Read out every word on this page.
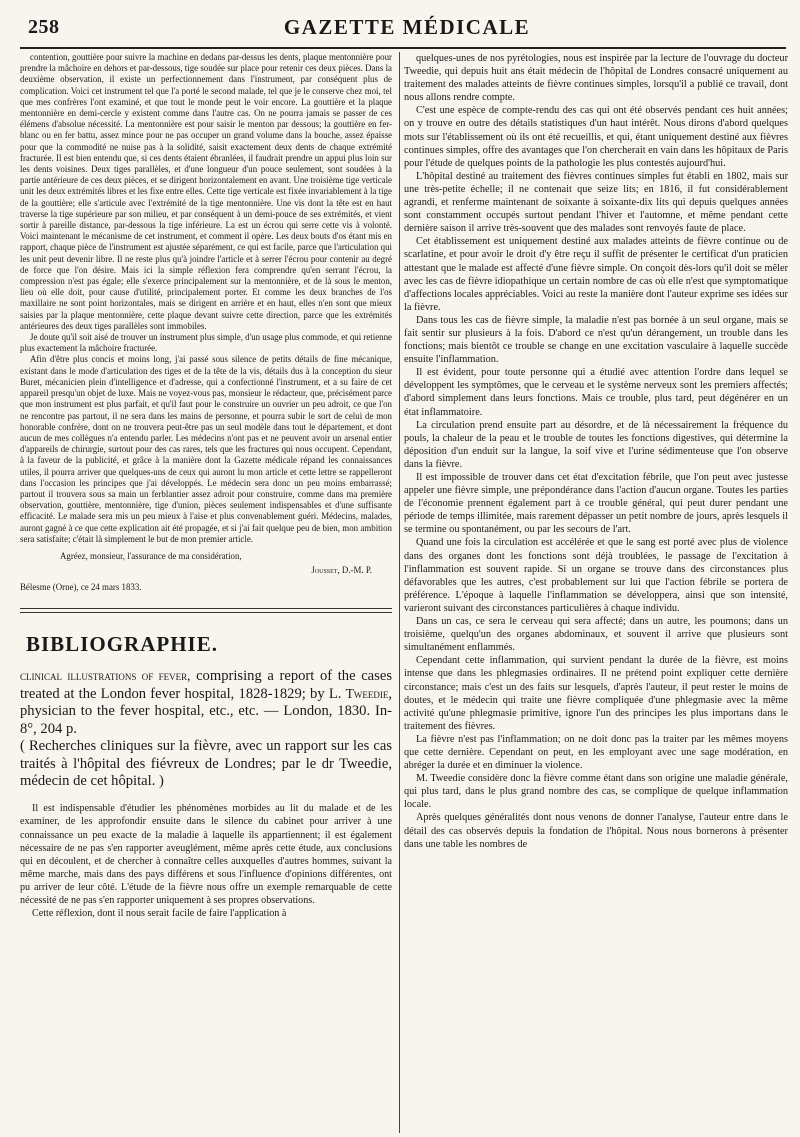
258	GAZETTE MÉDICALE

contention, gouttière pour suivre la machine en dedans par-dessus les dents, plaque mentonnière pour prendre la mâchoire en dehors et par-dessous, tige soudée sur place pour retenir ces deux pièces. Dans la deuxième observation, il existe un perfectionnement dans l'instrument, par conséquent plus de complication. Voici cet instrument tel que l'a porté le second malade, tel que je le conserve chez moi, tel que mes confrères l'ont examiné, et que tout le monde peut le voir encore. La gouttière et la plaque mentonnière en demi-cercle y existent comme dans l'autre cas. On ne pourra jamais se passer de ces élémens d'absolue nécessité. La mentonnière est pour saisir le menton par dessous; la gouttière en fer-blanc ou en fer battu, assez mince pour ne pas occuper un grand volume dans la bouche, assez épaisse pour que la commodité ne nuise pas à la solidité, saisit exactement deux dents de chaque extrémité fracturée. Il est bien entendu que, si ces dents étaient ébranlées, il faudrait prendre un appui plus loin sur les dents voisines. Deux tiges parallèles, et d'une longueur d'un pouce seulement, sont soudées à la partie antérieure de ces deux pièces, et se dirigent horizontalement en avant. Une troisième tige verticale unit les deux extrémités libres et les fixe entre elles. Cette tige verticale est fixée invariablement à la tige de la gouttière; elle s'articule avec l'extrémité de la tige mentonnière. Une vis dont la tête est en haut traverse la tige supérieure par son milieu, et par conséquent à un demi-pouce de ses extrémités, et vient sortir à pareille distance, par-dessous la tige inférieure. La est un écrou qui serre cette vis à volonté. Voici maintenant le mécanisme de cet instrument, et comment il opère. Les deux bouts d'os étant mis en rapport, chaque pièce de l'instrument est ajustée séparément, ce qui est facile, parce que l'articulation qui les unit peut devenir libre. Il ne reste plus qu'à joindre l'article et à serrer l'écrou pour contenir au degré de force que l'on désire. Mais ici la simple réflexion fera comprendre qu'en serrant l'écrou, la compression n'est pas égale; elle s'exerce principalement sur la mentonnière, et de là sous le menton, lieu où elle doit, pour cause d'utilité, principalement porter. Et comme les deux branches de l'os maxillaire ne sont point horizontales, mais se dirigent en arrière et en haut, elles n'en sont que mieux saisies par la plaque mentonnière, cette plaque devant suivre cette direction, parce que les extrémités antérieures des deux tiges parallèles sont immobiles.

Je doute qu'il soit aisé de trouver un instrument plus simple, d'un usage plus commode, et qui retienne plus exactement la mâchoire fracturée.

Afin d'être plus concis et moins long, j'ai passé sous silence de petits détails de fine mécanique, existant dans le mode d'articulation des tiges et de la tête de la vis, détails dus à la conception du sieur Buret, mécanicien plein d'intelligence et d'adresse, qui a confectionné l'instrument, et a su faire de cet appareil presqu'un objet de luxe. Mais ne voyez-vous pas, monsieur le rédacteur, que, précisément parce que mon instrument est plus parfait, et qu'il faut pour le construire un ouvrier un peu adroit, ce que l'on ne rencontre pas partout, il ne sera dans les mains de personne, et pourra subir le sort de celui de mon honorable confrère, dont on ne trouvera peut-être pas un seul modèle dans tout le département, et dont aucun de mes collègues n'a entendu parler. Les médecins n'ont pas et ne peuvent avoir un arsenal entier d'appareils de chirurgie, surtout pour des cas rares, tels que les fractures qui nous occupent. Cependant, à la faveur de la publicité, et grâce à la manière dont la Gazette médicale répand les connaissances utiles, il pourra arriver que quelques-uns de ceux qui auront lu mon article et cette lettre se rappelleront dans l'occasion les principes que j'ai développés. Le médecin sera donc un peu moins embarrassé; partout il trouvera sous sa main un ferblantier assez adroit pour construire, comme dans ma première observation, gouttière, mentonnière, tige d'union, pièces seulement indispensables et d'une suffisante efficacité. Le malade sera mis un peu mieux à l'aise et plus convenablement guéri. Médecins, malades, auront gagné à ce que cette explication ait été propagée, et si j'ai fait quelque peu de bien, mon ambition sera satisfaite; c'était là simplement le but de mon premier article.

Agréez, monsieur, l'assurance de ma considération,
Jousset, D.-M. P.
Bélesme (Orne), ce 24 mars 1833.
BIBLIOGRAPHIE.
clinical illustrations of fever, comprising a report of the cases treated at the London fever hospital, 1828-1829; by L. Tweedie, physician to the fever hospital, etc., etc. — London, 1830. In-8°, 204 p.
( Recherches cliniques sur la fièvre, avec un rapport sur les cas traités à l'hôpital des fiévreux de Londres; par le dr Tweedie, médecin de cet hôpital. )

Il est indispensable d'étudier les phénomènes morbides au lit du malade et de les examiner, de les approfondir ensuite dans le silence du cabinet pour arriver à une connaissance un peu exacte de la maladie à laquelle ils appartiennent; il est également nécessaire de ne pas s'en rapporter aveuglément, même après cette étude, aux conclusions qui en découlent, et de chercher à connaître celles auxquelles d'autres hommes, suivant la même marche, mais dans des pays différens et sous l'influence d'opinions différentes, ont pu arriver de leur côté. L'étude de la fièvre nous offre un exemple remarquable de cette nécessité de ne pas s'en rapporter uniquement à ses propres observations.

Cette réflexion, dont il nous serait facile de faire l'application à

quelques-unes de nos pyrétologies, nous est inspirée par la lecture de l'ouvrage du docteur Tweedie, qui depuis huit ans était médecin de l'hôpital de Londres consacré uniquement au traitement des malades atteints de fièvre continues simples, lorsqu'il a publié ce travail, dont nous allons rendre compte.

C'est une espèce de compte-rendu des cas qui ont été observés pendant ces huit années; on y trouve en outre des détails statistiques d'un haut intérêt. Nous dirons d'abord quelques mots sur l'établissement où ils ont été recueillis, et qui, étant uniquement destiné aux fièvres continues simples, offre des avantages que l'on chercherait en vain dans les hôpitaux de Paris pour l'étude de quelques points de la pathologie les plus contestés aujourd'hui.

L'hôpital destiné au traitement des fièvres continues simples fut établi en 1802, mais sur une très-petite échelle; il ne contenait que seize lits; en 1816, il fut considérablement agrandi, et renferme maintenant de soixante à soixante-dix lits qui depuis quelques années sont constamment occupés surtout pendant l'hiver et l'automne, et même pendant cette dernière saison il arrive très-souvent que des malades sont renvoyés faute de place.

Cet établissement est uniquement destiné aux malades atteints de fièvre continue ou de scarlatine, et pour avoir le droit d'y être reçu il suffit de présenter le certificat d'un praticien attestant que le malade est affecté d'une fièvre simple. On conçoit dès-lors qu'il doit se mêler avec les cas de fièvre idiopathique un certain nombre de cas où elle n'est que symptomatique d'affections locales appréciables. Voici au reste la manière dont l'auteur exprime ses idées sur la fièvre.

Dans tous les cas de fièvre simple, la maladie n'est pas bornée à un seul organe, mais se fait sentir sur plusieurs à la fois. D'abord ce n'est qu'un dérangement, un trouble dans les fonctions; mais bientôt ce trouble se change en une excitation vasculaire à laquelle succède ensuite l'inflammation.

Il est évident, pour toute personne qui a étudié avec attention l'ordre dans lequel se développent les symptômes, que le cerveau et le système nerveux sont les premiers affectés; d'abord simplement dans leurs fonctions. Mais ce trouble, plus tard, peut dégénérer en un état inflammatoire.

La circulation prend ensuite part au désordre, et de là nécessairement la fréquence du pouls, la chaleur de la peau et le trouble de toutes les fonctions digestives, qui détermine la déposition d'un enduit sur la langue, la soif vive et l'urine sédimenteuse que l'on observe dans la fièvre.

Il est impossible de trouver dans cet état d'excitation fébrile, que l'on peut avec justesse appeler une fièvre simple, une prépondérance dans l'action d'aucun organe. Toutes les parties de l'économie prennent également part à ce trouble général, qui peut durer pendant une période de temps illimitée, mais rarement dépasser un petit nombre de jours, après lesquels il se termine ou spontanément, ou par les secours de l'art.

Quand une fois la circulation est accélérée et que le sang est porté avec plus de violence dans des organes dont les fonctions sont déjà troublées, le passage de l'excitation à l'inflammation est souvent rapide. Si un organe se trouve dans des circonstances plus défavorables que les autres, c'est probablement sur lui que l'action fébrile se portera de préférence. L'époque à laquelle l'inflammation se développera, ainsi que son intensité, varieront suivant des circonstances particulières à chaque individu.

Dans un cas, ce sera le cerveau qui sera affecté; dans un autre, les poumons; dans un troisième, quelqu'un des organes abdominaux, et souvent il arrive que plusieurs sont simultanément enflammés.

Cependant cette inflammation, qui survient pendant la durée de la fièvre, est moins intense que dans les phlegmasies ordinaires. Il ne prétend point expliquer cette dernière circonstance; mais c'est un des faits sur lesquels, d'après l'auteur, il peut rester le moins de doutes, et le médecin qui traite une fièvre compliquée d'une phlegmasie avec la même activité qu'une phlegmasie primitive, ignore l'un des principes les plus importans dans le traitement des fièvres.

La fièvre n'est pas l'inflammation; on ne doit donc pas la traiter par les mêmes moyens que cette dernière. Cependant on peut, en les employant avec une sage modération, en abréger la durée et en diminuer la violence.

M. Tweedie considère donc la fièvre comme étant dans son origine une maladie générale, qui plus tard, dans le plus grand nombre des cas, se complique de quelque inflammation locale.

Après quelques généralités dont nous venons de donner l'analyse, l'auteur entre dans le détail des cas observés depuis la fondation de l'hôpital. Nous nous bornerons à présenter dans une table les nombres de
